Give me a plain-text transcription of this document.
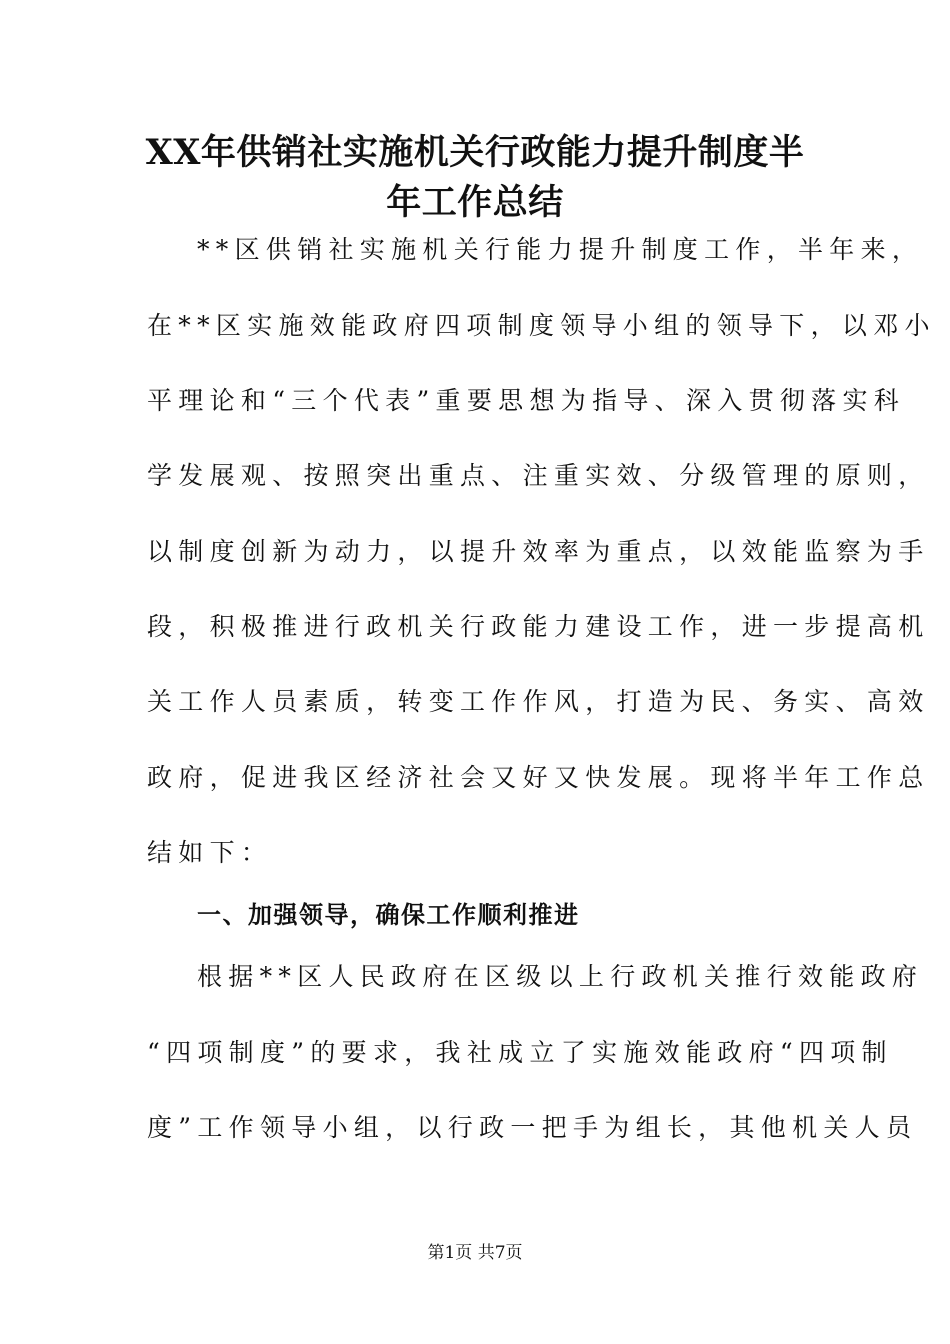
XX年供销社实施机关行政能力提升制度半
年工作总结
**区供销社实施机关行能力提升制度工作，半年来，
在**区实施效能政府四项制度领导小组的领导下，以邓小
平理论和“三个代表”重要思想为指导、深入贯彻落实科
学发展观、按照突出重点、注重实效、分级管理的原则，
以制度创新为动力，以提升效率为重点，以效能监察为手
段，积极推进行政机关行政能力建设工作，进一步提高机
关工作人员素质，转变工作作风，打造为民、务实、高效
政府，促进我区经济社会又好又快发展。现将半年工作总
结如下：
一、加强领导，确保工作顺利推进
根据**区人民政府在区级以上行政机关推行效能政府
“四项制度”的要求，我社成立了实施效能政府“四项制
度”工作领导小组，以行政一把手为组长，其他机关人员
第1页 共7页
